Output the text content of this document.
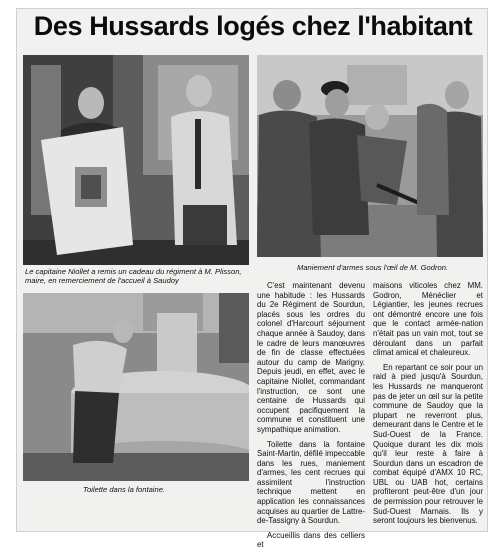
Des Hussards logés chez l'habitant
Le capitaine Niollet a remis un cadeau du régiment à M. Plisson, maire, en remerciement de l'accueil à Saudoy
Maniement d'armes sous l'œil de M. Godron.
Toilette dans la fontaine.

C'est maintenant devenu une habitude : les Hussards du 2e Régiment de Sourdun, placés sous les ordres du colonel d'Harcourt séjournent chaque année à Saudoy, dans le cadre de leurs manœuvres de fin de classe effectuées autour du camp de Marigny. Depuis jeudi, en effet, avec le capitaine Niollet, commandant l'instruction, ce sont une centaine de Hussards qui occupent pacifiquement la commune et constituent une sympathique animation.

Toilette dans la fontaine Saint-Martin, défilé impeccable dans les rues, maniement d'armes, les cent recrues qui assimilent l'instruction technique mettent en application les connaissances acquises au quartier de Lattre-de-Tassigny à Sourdun.

Accueillis dans des celliers et

maisons viticoles chez MM. Godron, Ménéclier et Légiantier, les jeunes recrues ont démontré encore une fois que le contact armée-nation n'était pas un vain mot, tout se déroulant dans un parfait climat amical et chaleureux.

En repartant ce soir pour un raid à pied jusqu'à Sourdun, les Hussards ne manqueront pas de jeter un œil sur la petite commune de Saudoy que la plupart ne reverront plus, demeurant dans le Centre et le Sud-Ouest de la France. Quoique durant les dix mois qu'il leur reste à faire à Sourdun dans un escadron de combat équipé d'AMX 10 RC, UBL ou UAB hot, certains profiteront peut-être d'un jour de permission pour retrouver le Sud-Ouest Marnais. Ils y seront toujours les bienvenus.
